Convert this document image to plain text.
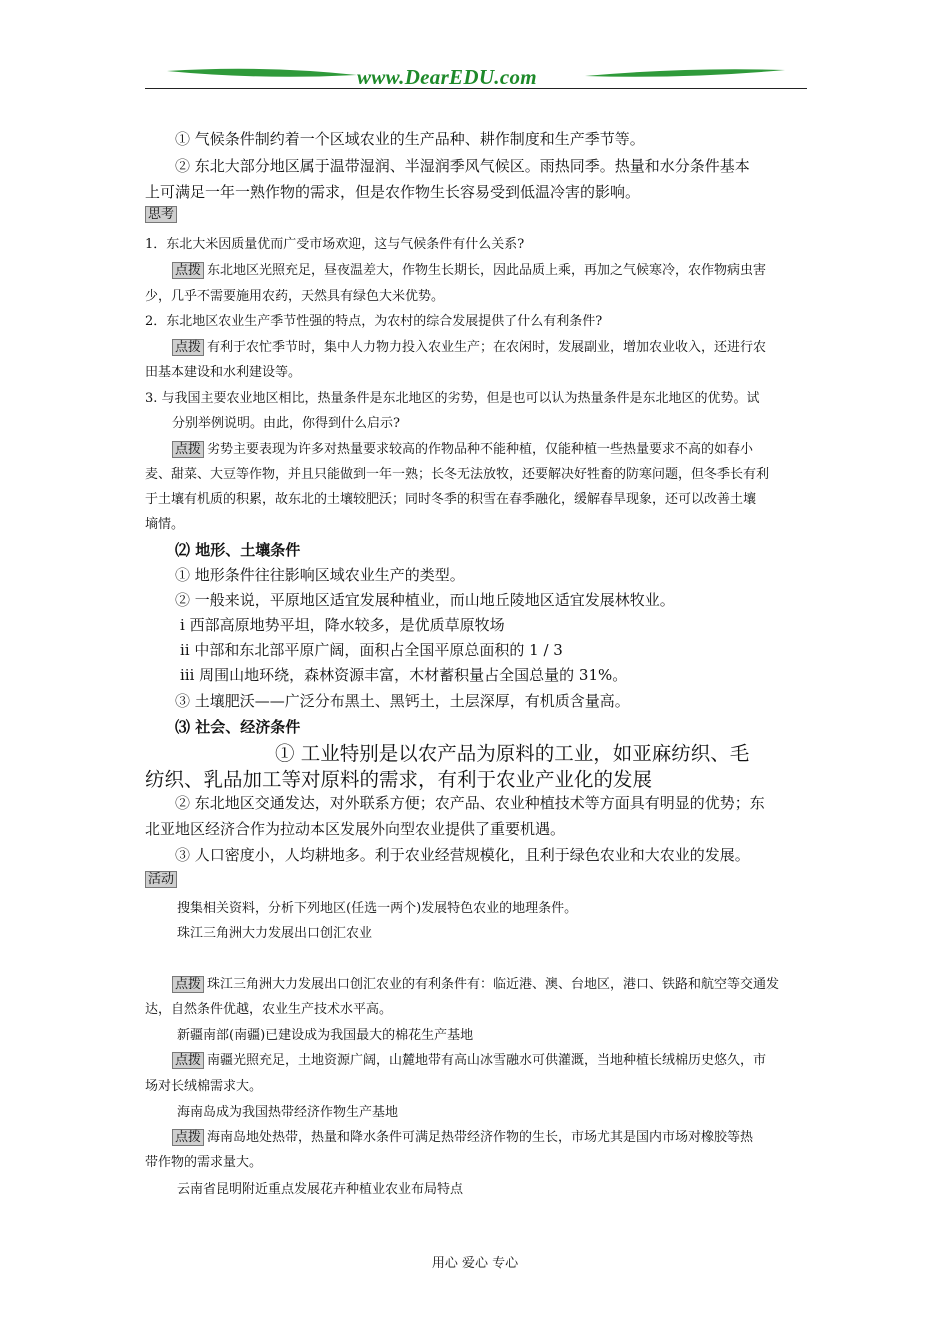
www.DearEDU.com
① 气候条件制约着一个区域农业的生产品种、耕作制度和生产季节等。
② 东北大部分地区属于温带湿润、半湿润季风气候区。雨热同季。热量和水分条件基本
上可满足一年一熟作物的需求，但是农作物生长容易受到低温冷害的影响。
思考
1．东北大米因质量优而广受市场欢迎，这与气候条件有什么关系?
点拨 东北地区光照充足，昼夜温差大，作物生长期长，因此品质上乘，再加之气候寒冷，农作物病虫害
少，几乎不需要施用农药，天然具有绿色大米优势。
2．东北地区农业生产季节性强的特点，为农村的综合发展提供了什么有利条件?
点拨 有利于农忙季节时，集中人力物力投入农业生产；在农闲时，发展副业，增加农业收入，还进行农
田基本建设和水利建设等。
3. 与我国主要农业地区相比，热量条件是东北地区的劣势，但是也可以认为热量条件是东北地区的优势。试
分别举例说明。由此，你得到什么启示?
点拨 劣势主要表现为许多对热量要求较高的作物品种不能种植，仅能种植一些热量要求不高的如春小
麦、甜菜、大豆等作物，并且只能做到一年一熟；长冬无法放牧，还要解决好牲畜的防寒问题，但冬季长有利
于土壤有机质的积累，故东北的土壤较肥沃；同时冬季的积雪在春季融化，缓解春旱现象，还可以改善土壤
墒情。
⑵ 地形、土壤条件
① 地形条件往往影响区域农业生产的类型。
② 一般来说，平原地区适宜发展种植业，而山地丘陵地区适宜发展林牧业。
ⅰ 西部高原地势平坦，降水较多，是优质草原牧场
ⅱ 中部和东北部平原广阔，面积占全国平原总面积的 1 / 3
ⅲ 周围山地环绕，森林资源丰富，木材蓄积量占全国总量的 31%。
③ 土壤肥沃——广泛分布黑土、黑钙土，土层深厚，有机质含量高。
⑶ 社会、经济条件
① 工业特别是以农产品为原料的工业，如亚麻纺织、毛
纺织、乳品加工等对原料的需求，有利于农业产业化的发展
② 东北地区交通发达，对外联系方便；农产品、农业种植技术等方面具有明显的优势；东
北亚地区经济合作为拉动本区发展外向型农业提供了重要机遇。
③ 人口密度小，人均耕地多。利于农业经营规模化，且利于绿色农业和大农业的发展。
活动
搜集相关资料，分析下列地区(任选一两个)发展特色农业的地理条件。
珠江三角洲大力发展出口创汇农业
点拨 珠江三角洲大力发展出口创汇农业的有利条件有：临近港、澳、台地区，港口、铁路和航空等交通发
达，自然条件优越，农业生产技术水平高。
新疆南部(南疆)已建设成为我国最大的棉花生产基地
点拨 南疆光照充足，土地资源广阔，山麓地带有高山冰雪融水可供灌溉，当地种植长绒棉历史悠久，市
场对长绒棉需求大。
海南岛成为我国热带经济作物生产基地
点拨 海南岛地处热带，热量和降水条件可满足热带经济作物的生长，市场尤其是国内市场对橡胶等热
带作物的需求量大。
云南省昆明附近重点发展花卉种植业农业布局特点
用心 爱心 专心
